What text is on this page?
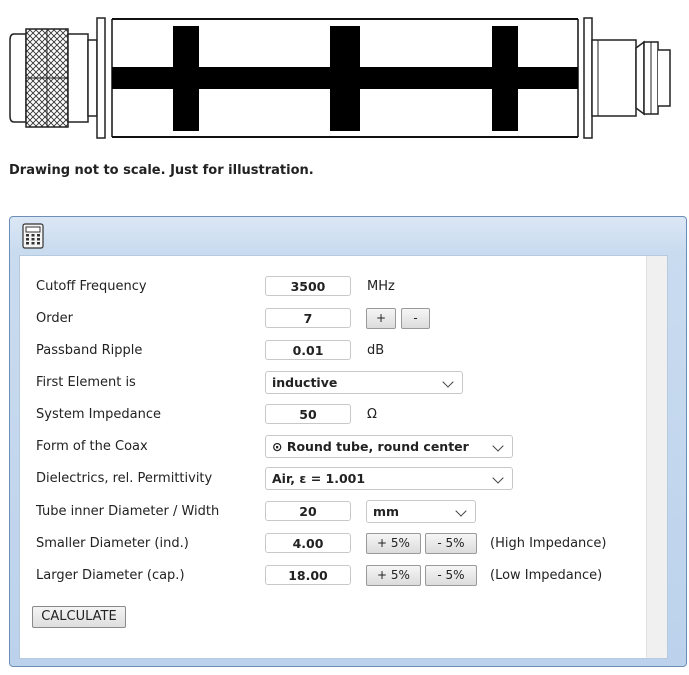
Drawing not to scale. Just for illustration.
Cutoff Frequency	3500	MHz
Order	7	+	-
Passband Ripple	0.01	dB
First Element is	inductive
System Impedance	50	Ω
Form of the Coax	⊙ Round tube, round center
Dielectrics, rel. Permittivity	Air, ε = 1.001
Tube inner Diameter / Width	20	mm
Smaller Diameter (ind.)	4.00	+ 5%	- 5%	(High Impedance)
Larger Diameter (cap.)	18.00	+ 5%	- 5%	(Low Impedance)
CALCULATE
